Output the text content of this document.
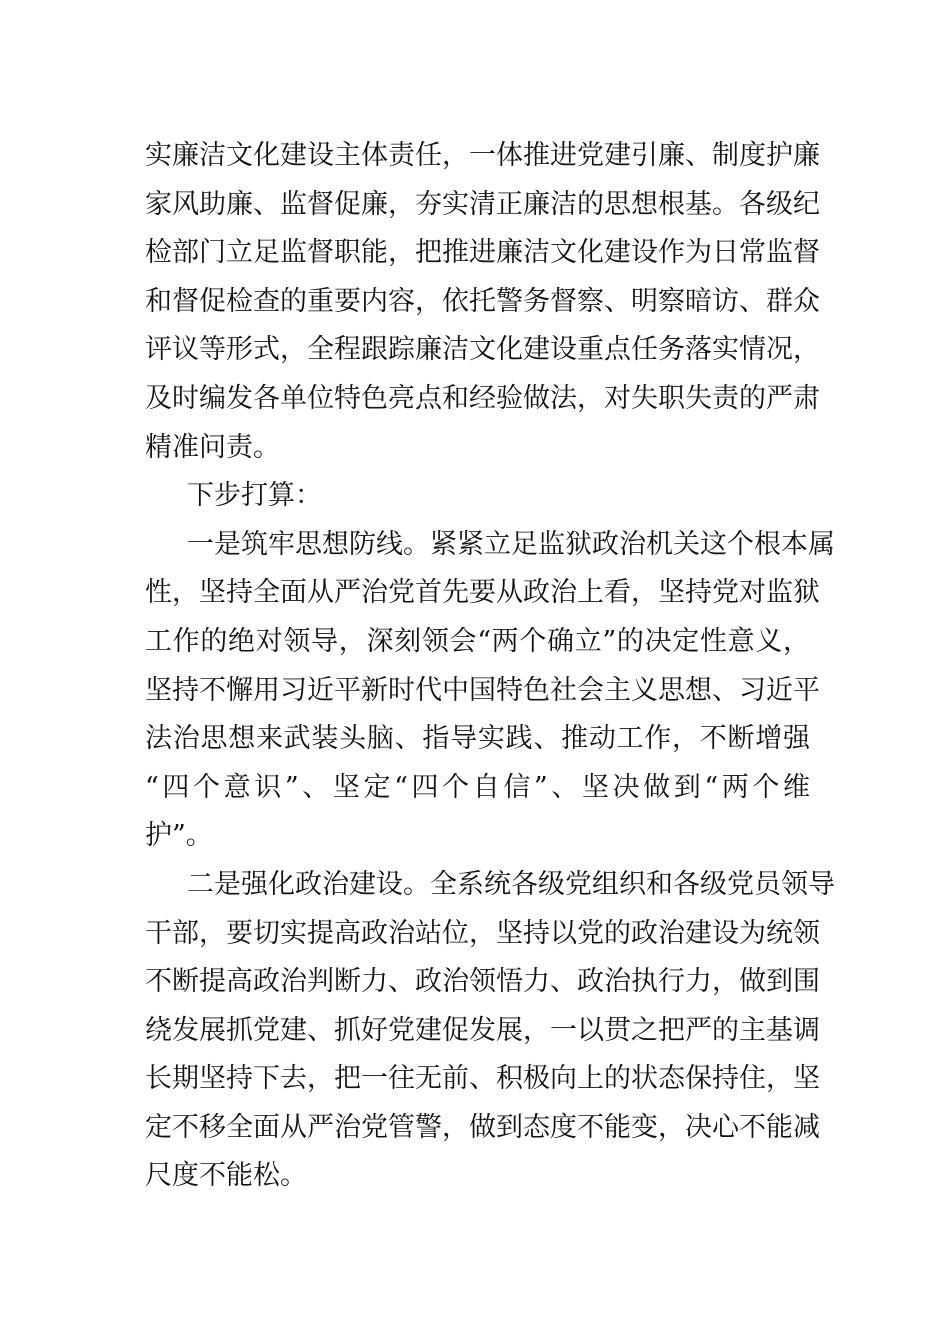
实廉洁文化建设主体责任，一体推进党建引廉、制度护廉
家风助廉、监督促廉，夯实清正廉洁的思想根基。各级纪
检部门立足监督职能，把推进廉洁文化建设作为日常监督
和督促检查的重要内容，依托警务督察、明察暗访、群众
评议等形式，全程跟踪廉洁文化建设重点任务落实情况，
及时编发各单位特色亮点和经验做法，对失职失责的严肃
精准问责。
下步打算：
一是筑牢思想防线。紧紧立足监狱政治机关这个根本属
性，坚持全面从严治党首先要从政治上看，坚持党对监狱
工作的绝对领导，深刻领会“两个确立”的决定性意义，
坚持不懈用习近平新时代中国特色社会主义思想、习近平
法治思想来武装头脑、指导实践、推动工作，不断增强
“四个意识”、坚定“四个自信”、坚决做到“两个维
护”。
二是强化政治建设。全系统各级党组织和各级党员领导
干部，要切实提高政治站位，坚持以党的政治建设为统领
不断提高政治判断力、政治领悟力、政治执行力，做到围
绕发展抓党建、抓好党建促发展，一以贯之把严的主基调
长期坚持下去，把一往无前、积极向上的状态保持住，坚
定不移全面从严治党管警，做到态度不能变，决心不能减
尺度不能松。
